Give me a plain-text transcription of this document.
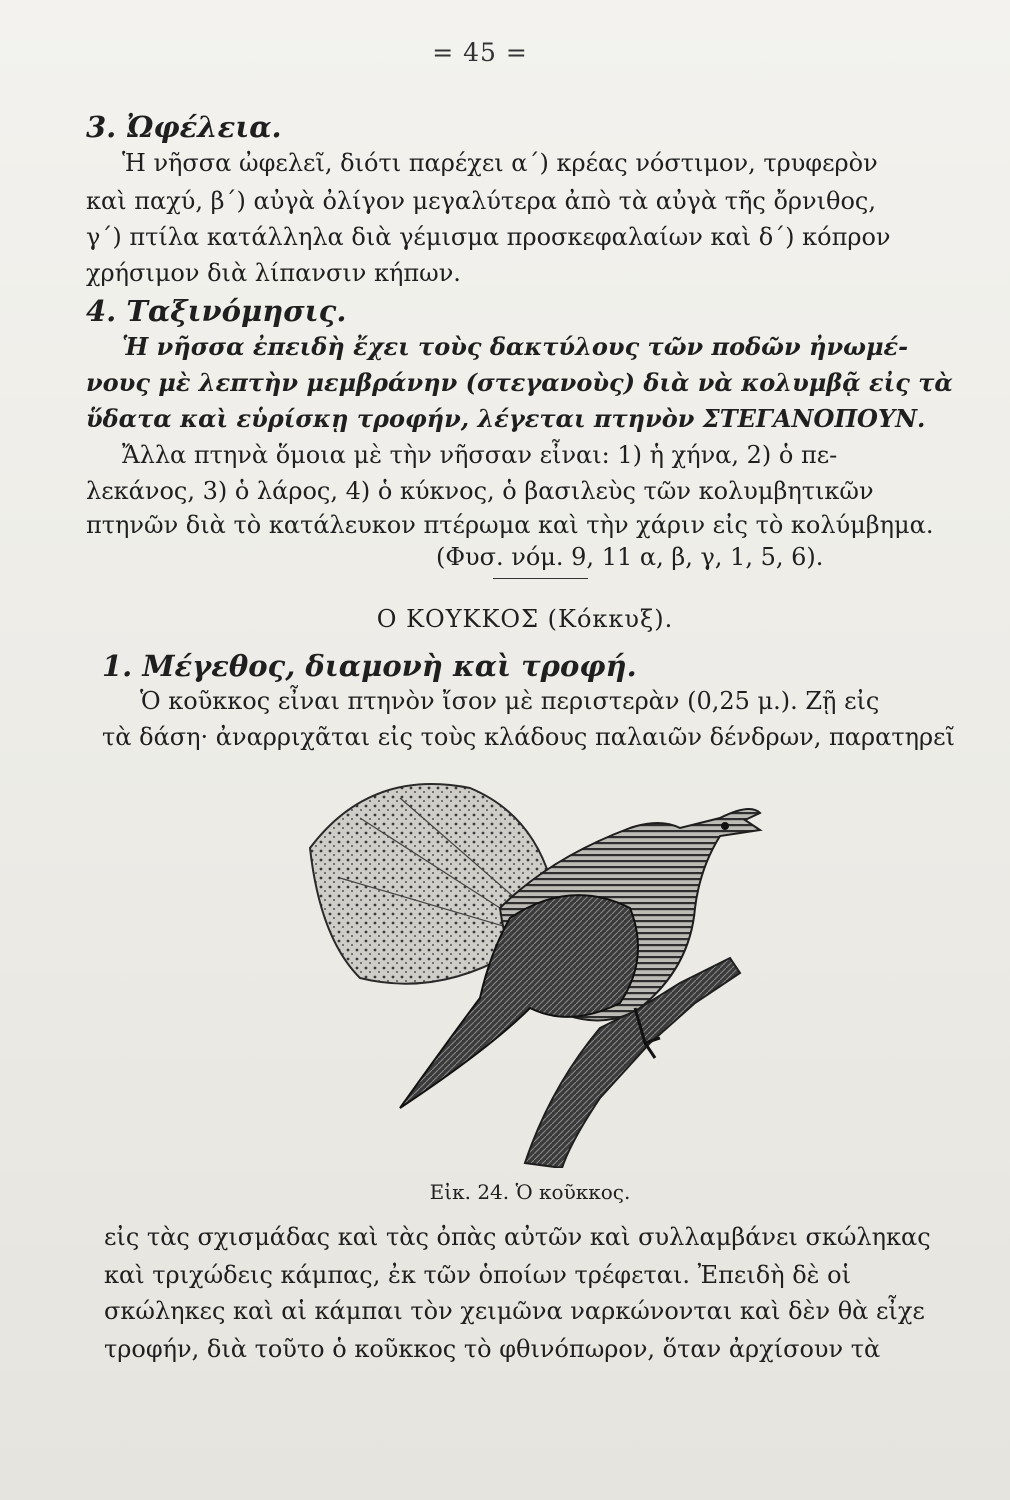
= 45 =
3. Ὠφέλεια.
Ἡ νῆσσα ὠφελεῖ, διότι παρέχει α΄) κρέας νόστιμον, τρυφερὸν
καὶ παχύ, β΄) αὐγὰ ὀλίγον μεγαλύτερα ἀπὸ τὰ αὐγὰ τῆς ὄρνιθος,
γ΄) πτίλα κατάλληλα διὰ γέμισμα προσκεφαλαίων καὶ δ΄) κόπρον
χρήσιμον διὰ λίπανσιν κήπων.
4. Ταξινόμησις.
Ἡ νῆσσα ἐπειδὴ ἔχει τοὺς δακτύλους τῶν ποδῶν ἠνωμέ-
νους μὲ λεπτὴν μεμβράνην (στεγανοὺς) διὰ νὰ κολυμβᾷ εἰς τὰ
ὕδατα καὶ εὑρίσκῃ τροφήν, λέγεται πτηνὸν ΣΤΕΓΑΝΟΠΟΥΝ.
Ἄλλα πτηνὰ ὅμοια μὲ τὴν νῆσσαν εἶναι: 1) ἡ χήνα, 2) ὁ πε-
λεκάνος, 3) ὁ λάρος, 4) ὁ κύκνος, ὁ βασιλεὺς τῶν κολυμβητικῶν
πτηνῶν διὰ τὸ κατάλευκον πτέρωμα καὶ τὴν χάριν εἰς τὸ κολύμβημα.
(Φυσ. νόμ. 9, 11 α, β, γ, 1, 5, 6).
Ο ΚΟΥΚΚΟΣ (Κόκκυξ).
1. Μέγεθος, διαμονὴ καὶ τροφή.
Ὁ κοῦκκος εἶναι πτηνὸν ἴσον μὲ περιστερὰν (0,25 μ.). Ζῇ εἰς
τὰ δάση· ἀναρριχᾶται εἰς τοὺς κλάδους παλαιῶν δένδρων, παρατηρεῖ
Εἰκ. 24. Ὁ κοῦκκος.
εἰς τὰς σχισμάδας καὶ τὰς ὀπὰς αὐτῶν καὶ συλλαμβάνει σκώληκας
καὶ τριχώδεις κάμπας, ἐκ τῶν ὁποίων τρέφεται. Ἐπειδὴ δὲ οἱ
σκώληκες καὶ αἱ κάμπαι τὸν χειμῶνα ναρκώνονται καὶ δὲν θὰ εἶχε
τροφήν, διὰ τοῦτο ὁ κοῦκκος τὸ φθινόπωρον, ὅταν ἀρχίσουν τὰ
